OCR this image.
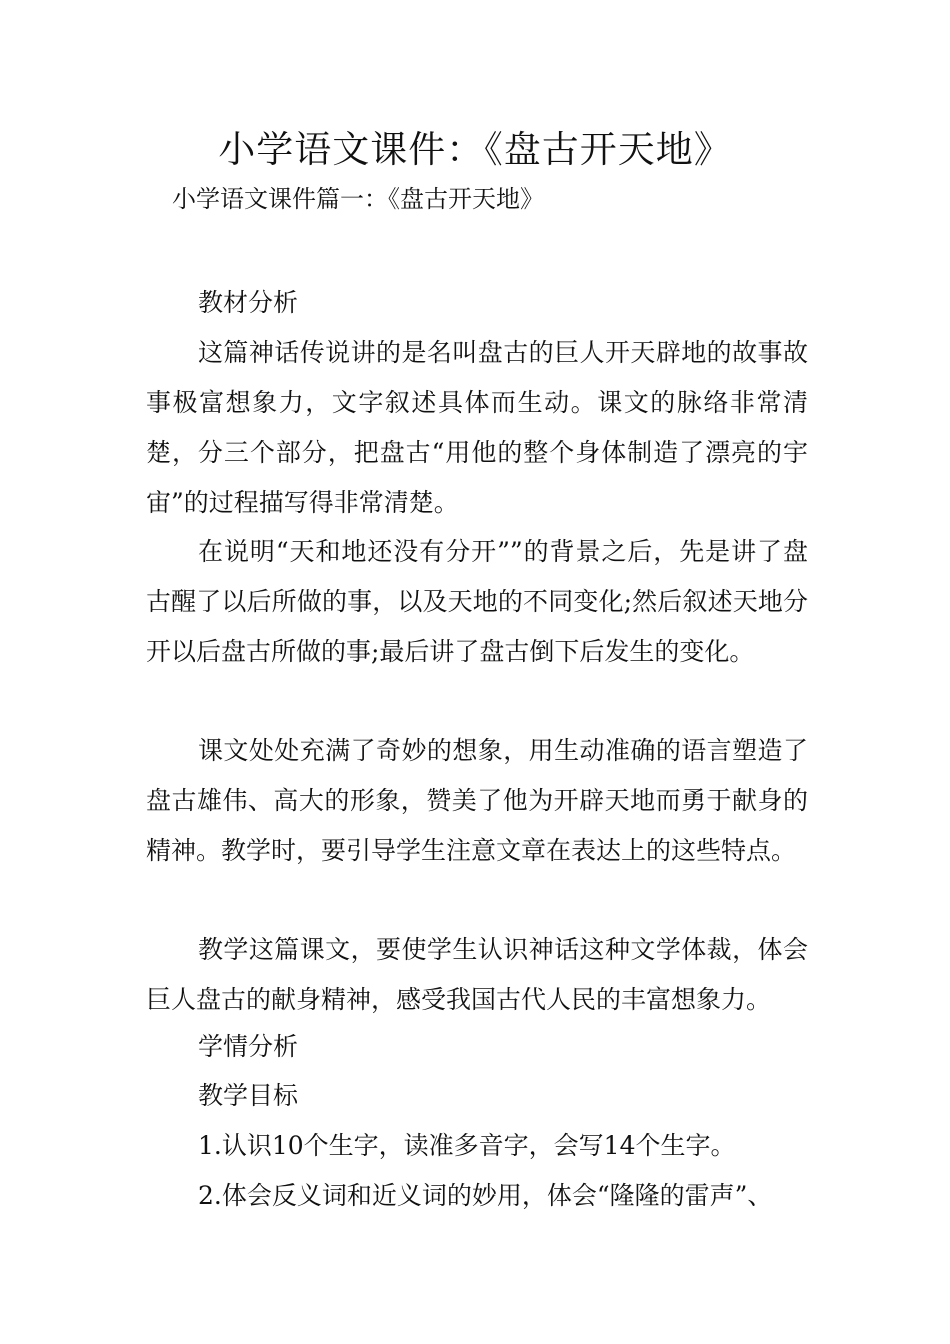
小学语文课件：《盘古开天地》
小学语文课件篇一：《盘古开天地》
教材分析

这篇神话传说讲的是名叫盘古的巨人开天辟地的故事故事极富想象力，文字叙述具体而生动。课文的脉络非常清楚，分三个部分，把盘古“用他的整个身体制造了漂亮的宇宙”的过程描写得非常清楚。

在说明“天和地还没有分开””的背景之后，先是讲了盘古醒了以后所做的事，以及天地的不同变化;然后叙述天地分开以后盘古所做的事;最后讲了盘古倒下后发生的变化。

课文处处充满了奇妙的想象，用生动准确的语言塑造了盘古雄伟、高大的形象，赞美了他为开辟天地而勇于献身的精神。教学时，要引导学生注意文章在表达上的这些特点。

教学这篇课文，要使学生认识神话这种文学体裁，体会巨人盘古的献身精神，感受我国古代人民的丰富想象力。

学情分析
教学目标
1.认识10个生字，读准多音字，会写14个生字。
2.体会反义词和近义词的妙用，体会“隆隆的雷声”、
